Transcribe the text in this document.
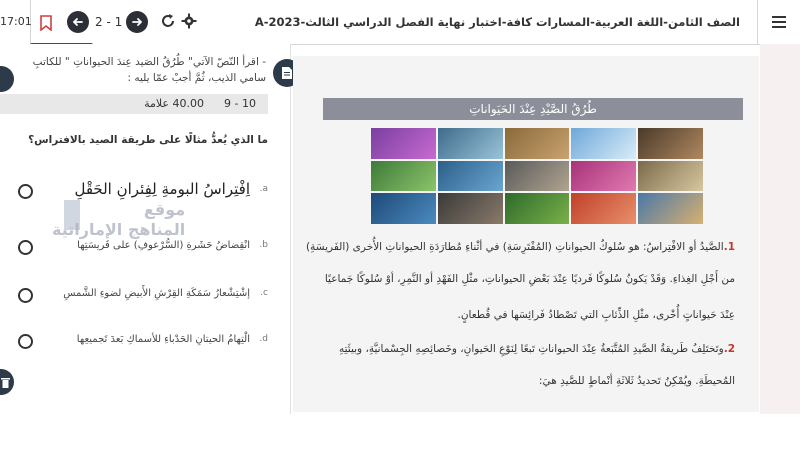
17:01	2 - 1	الصف الثامن-اللغة العربية-المسارات كافة-اختبار نهاية الفصل الدراسي الثالث-A-2023
- اقرأ النّصّ الآتي" طُرُقُ الصَيد عِندَ الحيواناتِ " للكاتبِ سامي الذيب، ثُمَّ أجبْ عمّا يليه :
9 - 10
40.00 علامة
ما الذي يُعدُّ مثالًا على طريقة الصيد بالافتراس؟
a.
اِفْتِراسُ البومةِ لِفِئرانِ الحَقْلِ
b.
انْقِضاضُ حَشَرةِ (السُّرْعوفِ) على فَريسَتِها
c.
إشْتِشْعارُ سَمَكَةِ القِرْشِ الأَبيضِ لضوءِ الشَّمسِ
d.
الْتِهامُ الحيتانِ الحَدْباءِ للأسماكِ بَعدَ تَجميعِها
موقع
المناهج الإماراتية
طُرُقُ الصَّيْدِ عِنْدَ الحَيَواناتِ
1.الصَّيدُ أو الافْتِراسُ: هو سُلوكُ الحيواناتِ (المُفْتَرِسَةِ) في أثْناءِ مُطارَدَةِ الحيواناتِ الأُخرى (الفَريسَةِ)
من أَجْلِ الغِذاءِ. وَقَدْ يَكونُ سُلوكًا فَرديًا عِنْدَ بَعْضِ الحيواناتِ، مثْلِ الفَهْدِ أو النَّمِرِ، أوْ سُلوكًا جَماعيًا
عِنْدَ حَيواناتٍ أُخْرى، مثْلِ الذِّئابِ التي تَصْطادُ فَرائِسَها في قُطعانٍ.
2.وتَختَلِفُ طَريقةُ الصَّيدِ المُتَّبَعةُ عِنْدَ الحيواناتِ تَبعًا لِنَوْعِ الحَيوانِ، وخَصائِصِهِ الجِسْمانيَّةِ، وبيئَتِهِ
المُحيطَةِ. ويُمْكِنُ تَحديدُ ثَلاثَةِ أنْماطٍ للصَّيدِ هيَ:
